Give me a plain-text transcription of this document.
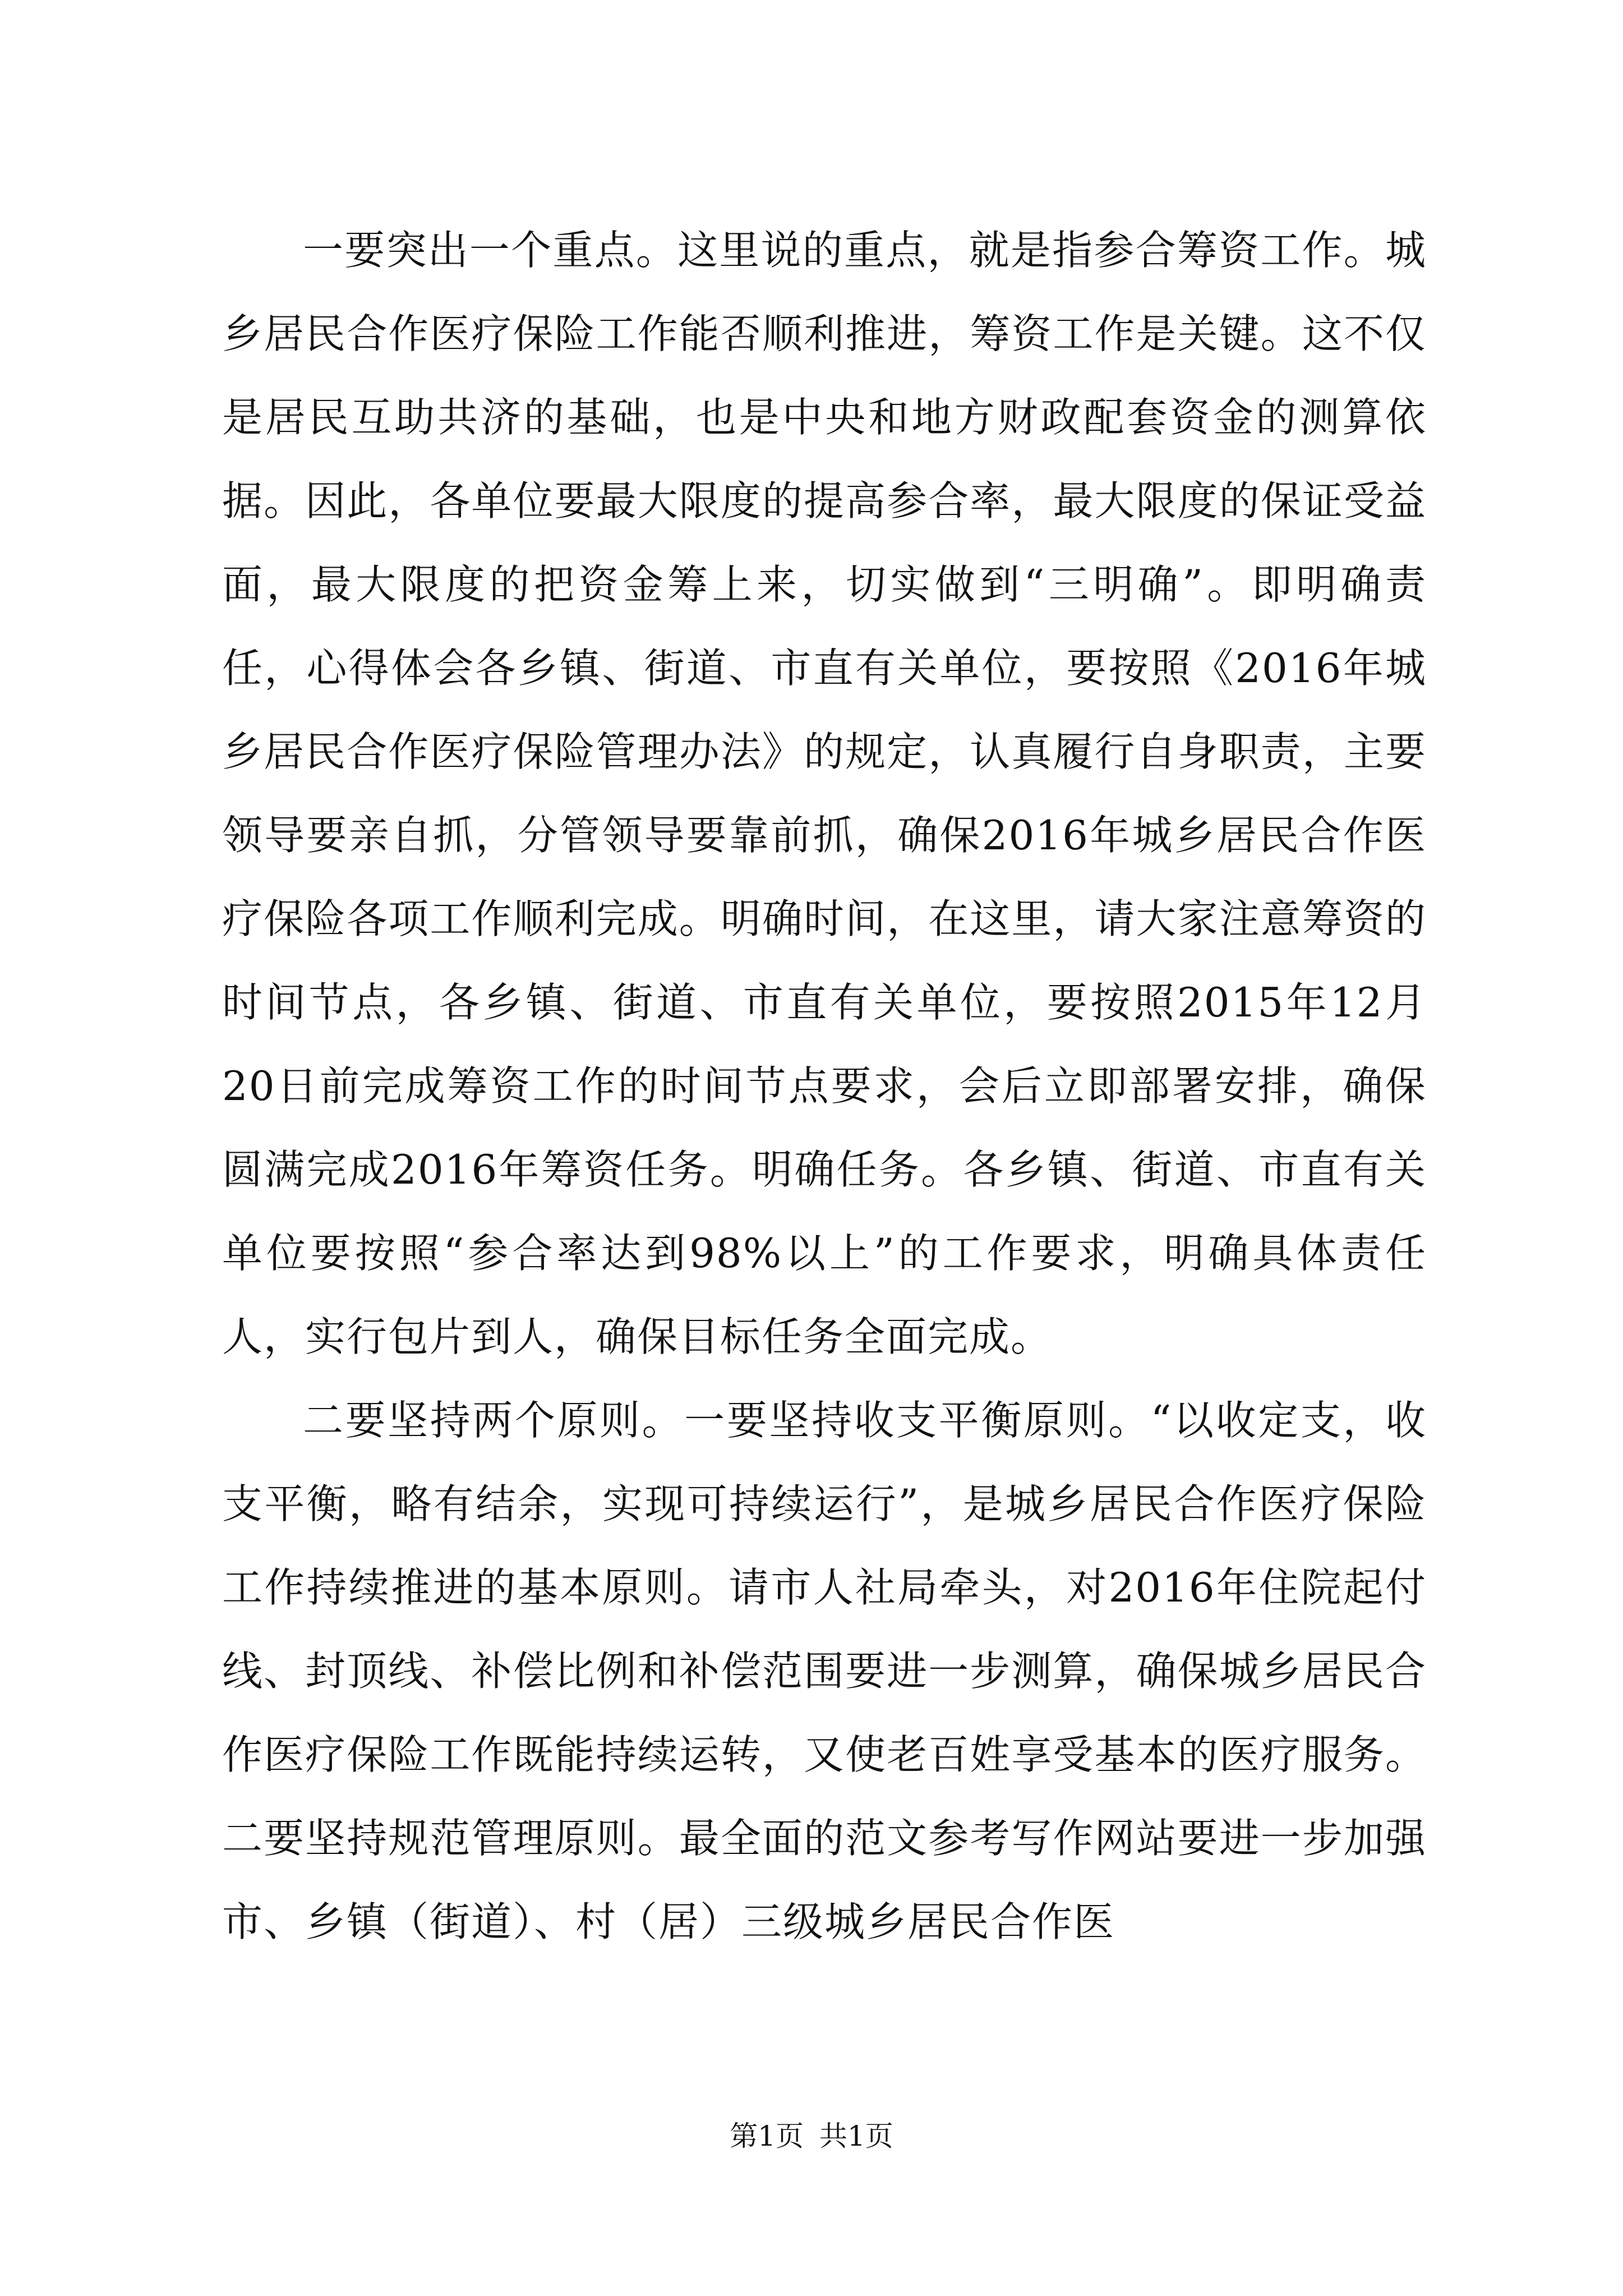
一要突出一个重点。这里说的重点，就是指参合筹资工作。城乡居民合作医疗保险工作能否顺利推进，筹资工作是关键。这不仅是居民互助共济的基础，也是中央和地方财政配套资金的测算依据。因此，各单位要最大限度的提高参合率，最大限度的保证受益面，最大限度的把资金筹上来，切实做到“三明确”。即明确责任，心得体会各乡镇、街道、市直有关单位，要按照《2016年城乡居民合作医疗保险管理办法》的规定，认真履行自身职责，主要领导要亲自抓，分管领导要靠前抓，确保2016年城乡居民合作医疗保险各项工作顺利完成。明确时间，在这里，请大家注意筹资的时间节点，各乡镇、街道、市直有关单位，要按照2015年12月20日前完成筹资工作的时间节点要求，会后立即部署安排，确保圆满完成2016年筹资任务。明确任务。各乡镇、街道、市直有关单位要按照“参合率达到98%以上”的工作要求，明确具体责任人，实行包片到人，确保目标任务全面完成。

二要坚持两个原则。一要坚持收支平衡原则。“以收定支，收支平衡，略有结余，实现可持续运行”，是城乡居民合作医疗保险工作持续推进的基本原则。请市人社局牵头，对2016年住院起付线、封顶线、补偿比例和补偿范围要进一步测算，确保城乡居民合作医疗保险工作既能持续运转，又使老百姓享受基本的医疗服务。二要坚持规范管理原则。最全面的范文参考写作网站要进一步加强市、乡镇（街道）、村（居）三级城乡居民合作医

第1页 共1页
